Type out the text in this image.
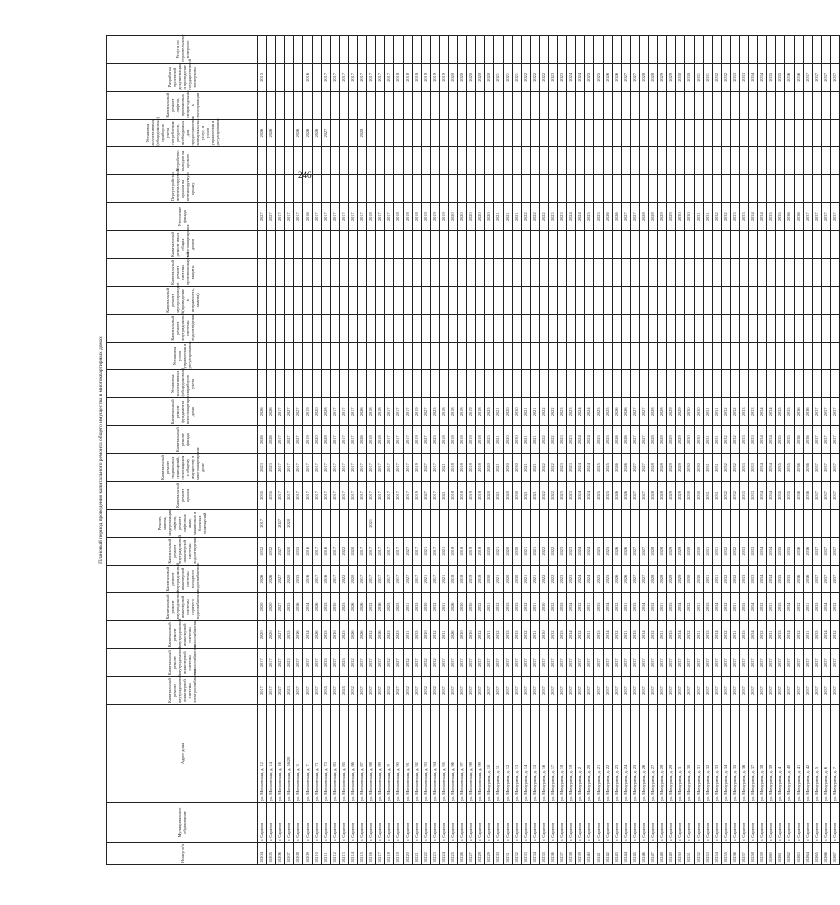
246
Плановый период проведения капитального ремонта общего имущества в многоквартирных домах
Номер п/п	Муниципальное образование	Адрес дома	Капитальный ремонт внутридомовой инженерной системы электроснабжения	Капитальный ремонт внутридомовой инженерной системы теплоснабжения	Капитальный ремонт внутридомовой инженерной системы газоснабжения	Капитальный ремонт внутридомовой инженерной системы горячего водоснабжения	Капитальный ремонт внутридомовой инженерной системы холодного водоснабжения	Капитальный ремонт внутридомовой инженерной системы водоотведения	Ремонт, замена, модернизация лифтов, ремонт лифтовых шахт, машинных и блочных помещений	Капитальный ремонт крыши	Капитальный ремонт подвальных помещений, относящихся к общему имуществу в многоквартирном доме	Капитальный ремонт фасада	Капитальный ремонт фундамента многоквартирного дома	Установка коллективных (общедомовых) приборов учета	Установка узлов управления и регулирования	Капитальный ремонт внутридомовой системы водоотведения	Капитальный ремонт мусоропроводов (приведение в исправность, замена)	Капитальный ремонт системы противопожарной защиты	Капитальный ремонт иных общих многоквартирных домов	Утепление фасада	Переустройство невентилируемой крыши на вентилируемую крышу	Устройство выходов на кровлю	Установка коллективных (общедомовых) приборов учета потребления ресурсов, необходимых для предоставления коммунальных услуг, и узлов управления и регулирования	Капитальный ремонт лифтов, признанных непригодными к эксплуатации	Разработка проектной документации и проведение государственной экспертизы	Услуги по строительному контролю
10204	г. Саратов	ул. Московская, д. 12	2017	2017	2020	2020	2026	2032	2017	2035	2023	2026	2026							2027			2026		2015	
10205	г. Саратов	ул. Московская, д. 14	2017	2017	2020	2020	2026	2032		2035	2023	2026	2026							2027			2026			
10206	г. Саратов	ул. Московская, д. 16	2027	2027	2027	2027	2027	2027	2027	2017	2017	2017	2017							2017						
10207	г. Саратов	ул. Московская, д. 16/20	2023	2023	2035	2035	2020	2020	2020	2017	2017	2027	2027							2017						
10208	г. Саратов	ул. Московская, д. 3	2037	2037	2036	2036	2035	2035		2017	2017	2027	2027							2017			2026			
10209	г. Саратов	ул. Московская, д. 7	2037	2037	2034	2034	2016	2016		2017	2017	2019	2019							2016			2026		2016	
10210	г. Саратов	ул. Московская, д. 71	2037	2037	2026	2026	2017	2017		2017	2017	2020	2020							2017			2026			
10211	г. Саратов	ул. Московская, д. 73	2035	2035	2035	2035	2016	2016		2017	2017	2028	2028							2017			2027		2017	
10212	г. Саратов	ул. Московская, д. 83	2037	2037	2030	2030	2017	2017		2017	2017	2017	2017							2017					2017	
10213	г. Саратов	ул. Московская, д. 85	2025	2025	2025	2025	2022	2022		2017	2017	2017	2017							2017					2017	
10214	г. Саратов	ул. Московская, д. 86	2032	2032	2026	2026	2020	2020		2017	2017	2017	2017							2017					2017	
10215	г. Саратов	ул. Московская, д. 87	2037	2037	2026	2026	2017	2017		2017	2017	2026	2026							2017			2028		2017	
10216	г. Саратов	ул. Московская, д. 88	2037	2037	2032	2032	2017	2017	2021	2017	2017	2018	2018							2018					2017	
10217	г. Саратов	ул. Московская, д. 89	2037	2037	2036	2036	2017	2017		2017	2017	2018	2018							2017					2017	
10218	г. Саратов	ул. Московская, д. 9	2032	2032	2025	2025	2017	2017		2017	2017	2017	2017							2017					2017	
10219	г. Саратов	ул. Московская, д. 90	2027	2027	2025	2025	2017	2017		2017	2017	2017	2017							2018					2018	
10220	г. Саратов	ул. Московская, д. 91	2032	2032	2031	2031	2027	2027		2017	2017	2017	2017							2018					2018	
10221	г. Саратов	ул. Московская, д. 92	2037	2037	2035	2035	2017	2017		2019	2019	2019	2019							2018					2018	
10222	г. Саратов	ул. Московская, д. 93	2032	2032	2030	2030	2021	2021		2027	2027	2027	2027							2019					2019	
10223	г. Саратов	ул. Московская, д. 94	2032	2032	2032	2032	2017	2017		2017	2017	2025	2025							2019					2019	
10224	г. Саратов	ул. Московская, д. 95	2037	2037	2031	2031	2021	2021		2021	2021	2018	2018							2019					2019	
10225	г. Саратов	ул. Московская, д. 96	2037	2037	2026	2026	2018	2018		2018	2018	2018	2018							2020					2020	
10226	г. Саратов	ул. Московская, д. 97	2037	2037	2030	2030	2018	2018		2018	2018	2018	2018							2020					2020	
10227	г. Саратов	ул. Московская, д. 98	2037	2037	2030	2030	2019	2019		2019	2019	2019	2019							2020					2020	
10228	г. Саратов	ул. Московская, д. 99	2037	2037	2032	2032	2018	2018		2018	2018	2018	2018							2020					2020	
10229	г. Саратов	ул. Мичурина, д. 10	2037	2037	2031	2031	2030	2030		2020	2020	2025	2025							2020					2020	
10230	г. Саратов	ул. Мичурина, д. 11	2037	2037	2032	2032	2021	2021		2021	2021	2021	2021							2021					2021	
10231	г. Саратов	ул. Мичурина, д. 12	2037	2037	2035	2035	2020	2020		2020	2020	2020	2020							2021					2021	
10232	г. Саратов	ул. Мичурина, д. 13	2037	2037	2035	2035	2030	2030		2030	2030	2030	2030							2021					2021	
10233	г. Саратов	ул. Мичурина, д. 14	2037	2037	2032	2032	2021	2021		2021	2021	2021	2021							2022					2022	
10234	г. Саратов	ул. Мичурина, д. 15	2037	2037	2031	2031	2021	2021		2021	2021	2021	2021							2022					2022	
10235	г. Саратов	ул. Мичурина, д. 16	2037	2037	2030	2030	2022	2022		2022	2022	2022	2022							2022					2022	
10236	г. Саратов	ул. Мичурина, д. 17	2037	2037	2032	2032	2022	2022		2022	2022	2022	2022							2023					2023	
10237	г. Саратов	ул. Мичурина, д. 18	2037	2037	2035	2035	2023	2023		2023	2023	2023	2023							2023					2023	
10238	г. Саратов	ул. Мичурина, д. 19	2037	2037	2034	2034	2023	2023		2023	2023	2023	2023							2024					2024	
10239	г. Саратов	ул. Мичурина, д. 2	2037	2037	2032	2032	2024	2024		2024	2024	2024	2024							2024					2024	
10240	г. Саратов	ул. Мичурина, д. 20	2037	2037	2031	2031	2024	2024		2024	2024	2024	2024							2025					2025	
10241	г. Саратов	ул. Мичурина, д. 21	2037	2037	2035	2035	2025	2025		2025	2025	2025	2025							2025					2025	
10242	г. Саратов	ул. Мичурина, д. 22	2037	2037	2034	2034	2025	2025		2025	2025	2025	2025							2026					2026	
10243	г. Саратов	ул. Мичурина, д. 23	2037	2037	2032	2032	2026	2026		2026	2026	2026	2026							2026					2026	
10244	г. Саратов	ул. Мичурина, д. 24	2037	2037	2031	2031	2026	2026		2026	2026	2026	2026							2027					2027	
10245	г. Саратов	ул. Мичурина, д. 25	2037	2037	2035	2035	2027	2027		2027	2027	2027	2027							2027					2027	
10246	г. Саратов	ул. Мичурина, д. 26	2037	2037	2034	2034	2027	2027		2027	2027	2027	2027							2028					2028	
10247	г. Саратов	ул. Мичурина, д. 27	2037	2037	2032	2032	2028	2028		2028	2028	2028	2028							2028					2028	
10248	г. Саратов	ул. Мичурина, д. 28	2037	2037	2031	2031	2028	2028		2028	2028	2028	2028							2029					2029	
10249	г. Саратов	ул. Мичурина, д. 29	2037	2037	2035	2035	2029	2029		2029	2029	2029	2029							2029					2029	
10250	г. Саратов	ул. Мичурина, д. 3	2037	2037	2034	2034	2029	2029		2029	2029	2029	2029							2030					2030	
10251	г. Саратов	ул. Мичурина, д. 30	2037	2037	2032	2032	2030	2030		2030	2030	2030	2030							2030					2030	
10252	г. Саратов	ул. Мичурина, д. 31	2037	2037	2031	2031	2030	2030		2030	2030	2030	2030							2031					2031	
10253	г. Саратов	ул. Мичурина, д. 32	2037	2037	2035	2035	2031	2031		2031	2031	2031	2031							2031					2031	
10254	г. Саратов	ул. Мичурина, д. 33	2037	2037	2034	2034	2031	2031		2031	2031	2031	2031							2032					2032	
10255	г. Саратов	ул. Мичурина, д. 34	2037	2037	2032	2032	2032	2032		2032	2032	2032	2032							2032					2032	
10256	г. Саратов	ул. Мичурина, д. 35	2037	2037	2031	2031	2032	2032		2032	2032	2032	2032							2033					2033	
10257	г. Саратов	ул. Мичурина, д. 36	2037	2037	2035	2035	2033	2033		2033	2033	2033	2033							2033					2033	
10258	г. Саратов	ул. Мичурина, д. 37	2037	2037	2034	2034	2033	2033		2033	2033	2033	2033							2034					2034	
10259	г. Саратов	ул. Мичурина, д. 38	2037	2037	2032	2032	2034	2034		2034	2034	2034	2034							2034					2034	
10260	г. Саратов	ул. Мичурина, д. 39	2037	2037	2031	2031	2034	2034		2034	2034	2034	2034							2035					2035	
10261	г. Саратов	ул. Мичурина, д. 4	2037	2037	2035	2035	2035	2035		2035	2035	2035	2035							2035					2035	
10262	г. Саратов	ул. Мичурина, д. 40	2037	2037	2034	2034	2035	2035		2035	2035	2035	2035							2036					2036	
10263	г. Саратов	ул. Мичурина, д. 41	2037	2037	2032	2032	2036	2036		2036	2036	2036	2036							2036					2036	
10264	г. Саратов	ул. Мичурина, д. 42	2037	2037	2031	2031	2036	2036		2036	2036	2036	2036							2037					2037	
10265	г. Саратов	ул. Мичурина, д. 5	2037	2037	2035	2035	2037	2037		2037	2037	2037	2037							2037					2037	
10266	г. Саратов	ул. Мичурина, д. 6	2037	2037	2034	2034	2037	2037		2037	2037	2037	2037							2037					2037	
10267	г. Саратов	ул. Мичурина, д. 7	2037	2037	2032	2032	2037	2037		2037	2037	2037	2037							2037					2037	
